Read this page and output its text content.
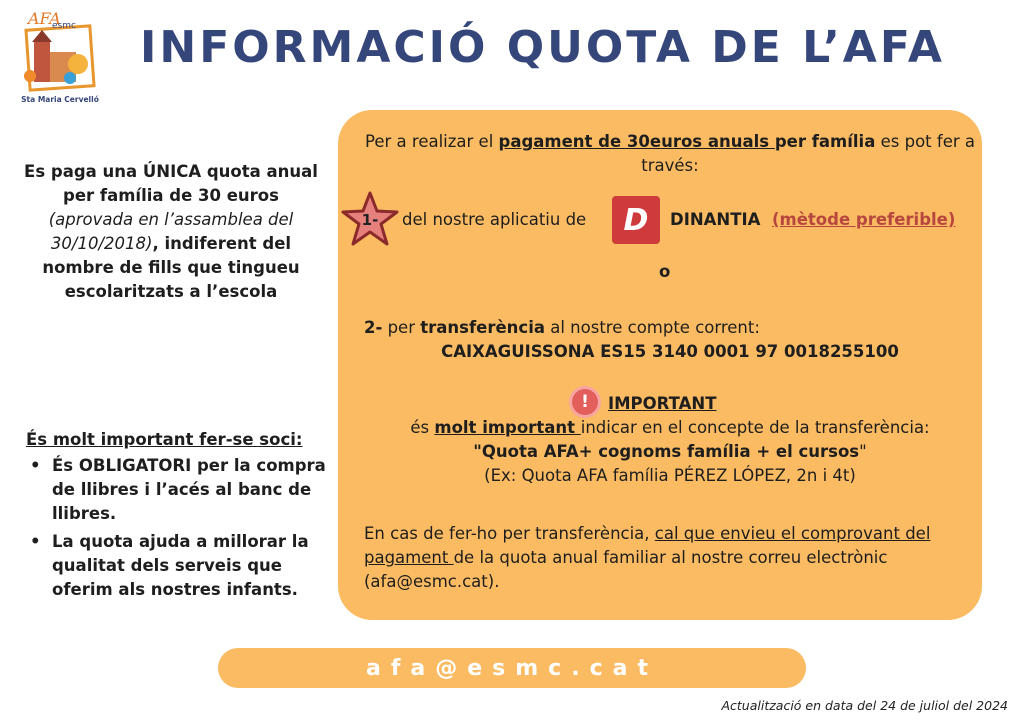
AFA
esmc
Sta Maria Cervelló
INFORMACIÓ QUOTA DE L’AFA
Es paga una ÚNICA quota anual per família de 30 euros (aprovada en l’assamblea del 30/10/2018), indiferent del nombre de fills que tingueu escolaritzats a l’escola
És molt important fer-se soci:
• És OBLIGATORI per la compra de llibres i l’acés al banc de llibres.
• La quota ajuda a millorar la qualitat dels serveis que oferim als nostres infants.
Per a realizar el pagament de 30euros anuals per família es pot fer a través:
1-	del nostre aplicatiu de D DINANTIA (mètode preferible)
o
2- per transferència al nostre compte corrent:
CAIXAGUISSONA ES15 3140 0001 97 0018255100
!	IMPORTANT
és molt important indicar en el concepte de la transferència:
"Quota AFA+ cognoms família + el cursos"
(Ex: Quota AFA família PÉREZ LÓPEZ, 2n i 4t)
En cas de fer-ho per transferència, cal que envieu el comprovant del pagament de la quota anual familiar al nostre correu electrònic (afa@esmc.cat).
afa@esmc.cat
Actualització en data del 24 de juliol del 2024
